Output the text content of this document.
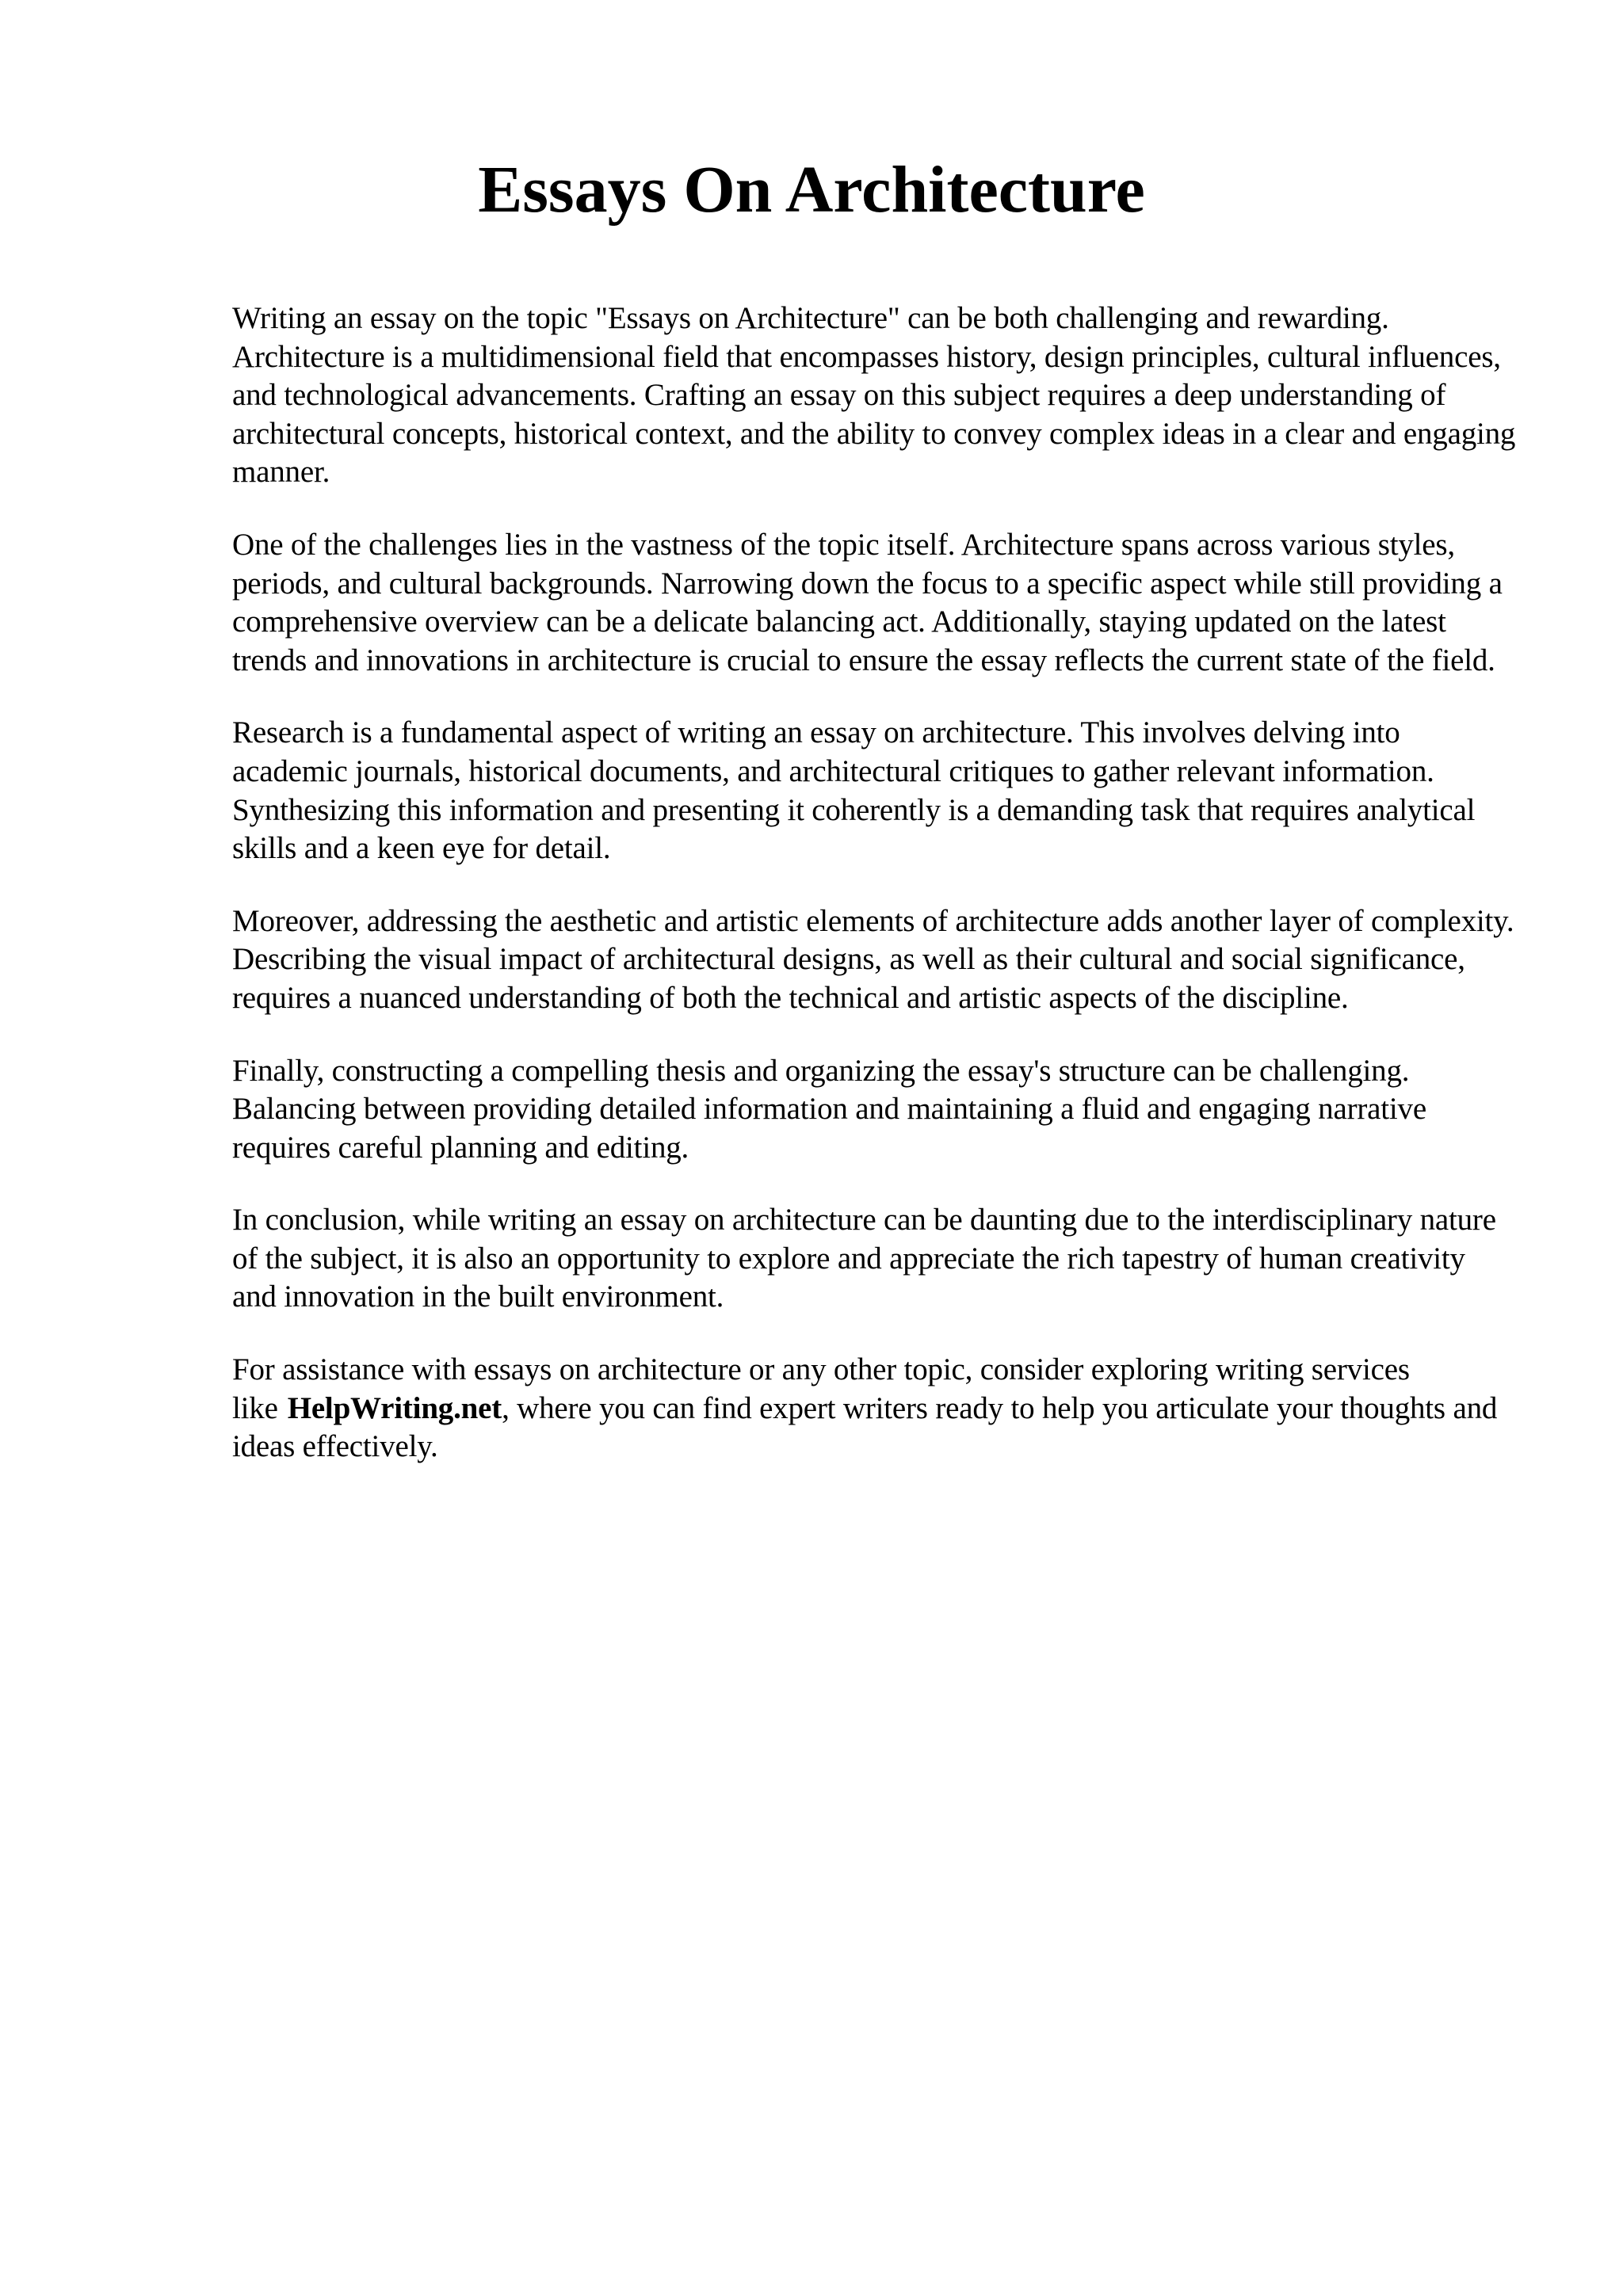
Essays On Architecture

Writing an essay on the topic "Essays on Architecture" can be both challenging and rewarding. Architecture is a multidimensional field that encompasses history, design principles, cultural influences, and technological advancements. Crafting an essay on this subject requires a deep understanding of architectural concepts, historical context, and the ability to convey complex ideas in a clear and engaging manner.

One of the challenges lies in the vastness of the topic itself. Architecture spans across various styles, periods, and cultural backgrounds. Narrowing down the focus to a specific aspect while still providing a comprehensive overview can be a delicate balancing act. Additionally, staying updated on the latest trends and innovations in architecture is crucial to ensure the essay reflects the current state of the field.

Research is a fundamental aspect of writing an essay on architecture. This involves delving into academic journals, historical documents, and architectural critiques to gather relevant information. Synthesizing this information and presenting it coherently is a demanding task that requires analytical skills and a keen eye for detail.

Moreover, addressing the aesthetic and artistic elements of architecture adds another layer of complexity. Describing the visual impact of architectural designs, as well as their cultural and social significance, requires a nuanced understanding of both the technical and artistic aspects of the discipline.

Finally, constructing a compelling thesis and organizing the essay's structure can be challenging. Balancing between providing detailed information and maintaining a fluid and engaging narrative requires careful planning and editing.

In conclusion, while writing an essay on architecture can be daunting due to the interdisciplinary nature of the subject, it is also an opportunity to explore and appreciate the rich tapestry of human creativity and innovation in the built environment.

For assistance with essays on architecture or any other topic, consider exploring writing services like HelpWriting.net, where you can find expert writers ready to help you articulate your thoughts and ideas effectively.
